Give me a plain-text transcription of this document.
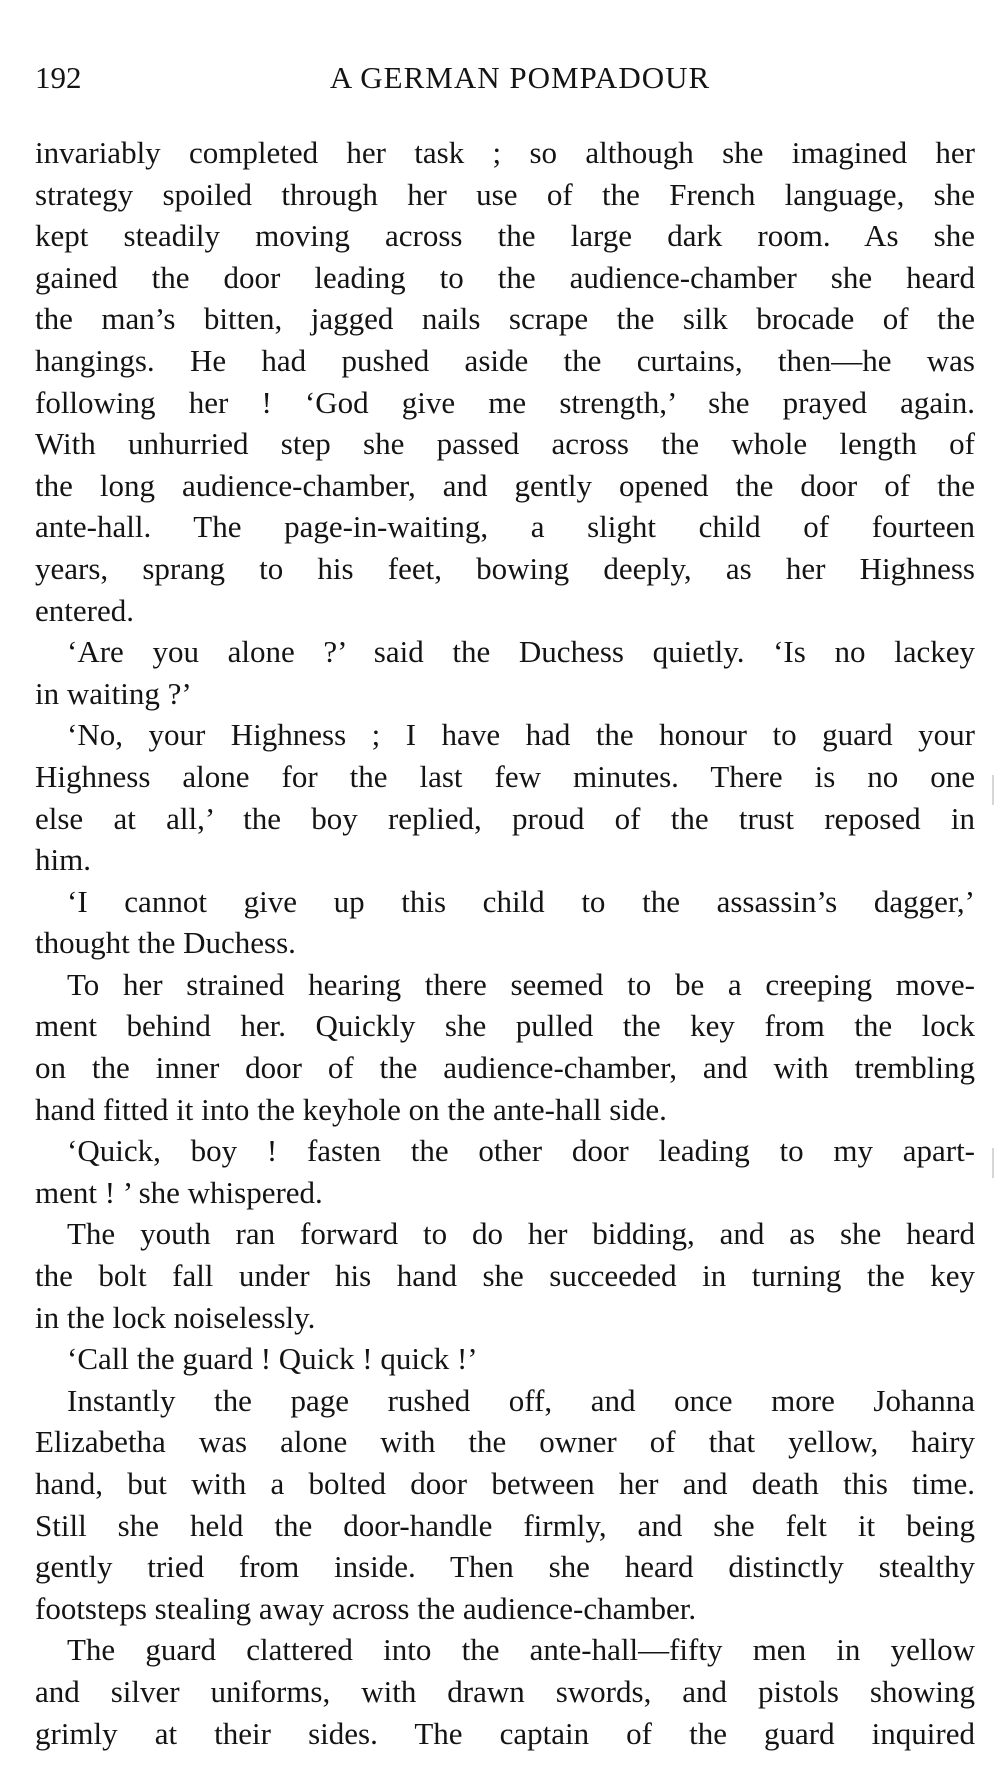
192	A GERMAN POMPADOUR
invariably completed her task ; so although she imagined her
strategy spoiled through her use of the French language, she
kept steadily moving across the large dark room. As she
gained the door leading to the audience-chamber she heard
the man’s bitten, jagged nails scrape the silk brocade of the
hangings. He had pushed aside the curtains, then—he was
following her ! ‘God give me strength,’ she prayed again.
With unhurried step she passed across the whole length of
the long audience-chamber, and gently opened the door of the
ante-hall. The page-in-waiting, a slight child of fourteen
years, sprang to his feet, bowing deeply, as her Highness
entered.
‘Are you alone ?’ said the Duchess quietly. ‘Is no lackey
in waiting ?’
‘No, your Highness ; I have had the honour to guard your
Highness alone for the last few minutes. There is no one
else at all,’ the boy replied, proud of the trust reposed in
him.
‘I cannot give up this child to the assassin’s dagger,’
thought the Duchess.
To her strained hearing there seemed to be a creeping move-
ment behind her. Quickly she pulled the key from the lock
on the inner door of the audience-chamber, and with trembling
hand fitted it into the keyhole on the ante-hall side.
‘Quick, boy ! fasten the other door leading to my apart-
ment ! ’ she whispered.
The youth ran forward to do her bidding, and as she heard
the bolt fall under his hand she succeeded in turning the key
in the lock noiselessly.
‘Call the guard ! Quick ! quick !’
Instantly the page rushed off, and once more Johanna
Elizabetha was alone with the owner of that yellow, hairy
hand, but with a bolted door between her and death this time.
Still she held the door-handle firmly, and she felt it being
gently tried from inside. Then she heard distinctly stealthy
footsteps stealing away across the audience-chamber.
The guard clattered into the ante-hall—fifty men in yellow
and silver uniforms, with drawn swords, and pistols showing
grimly at their sides. The captain of the guard inquired
